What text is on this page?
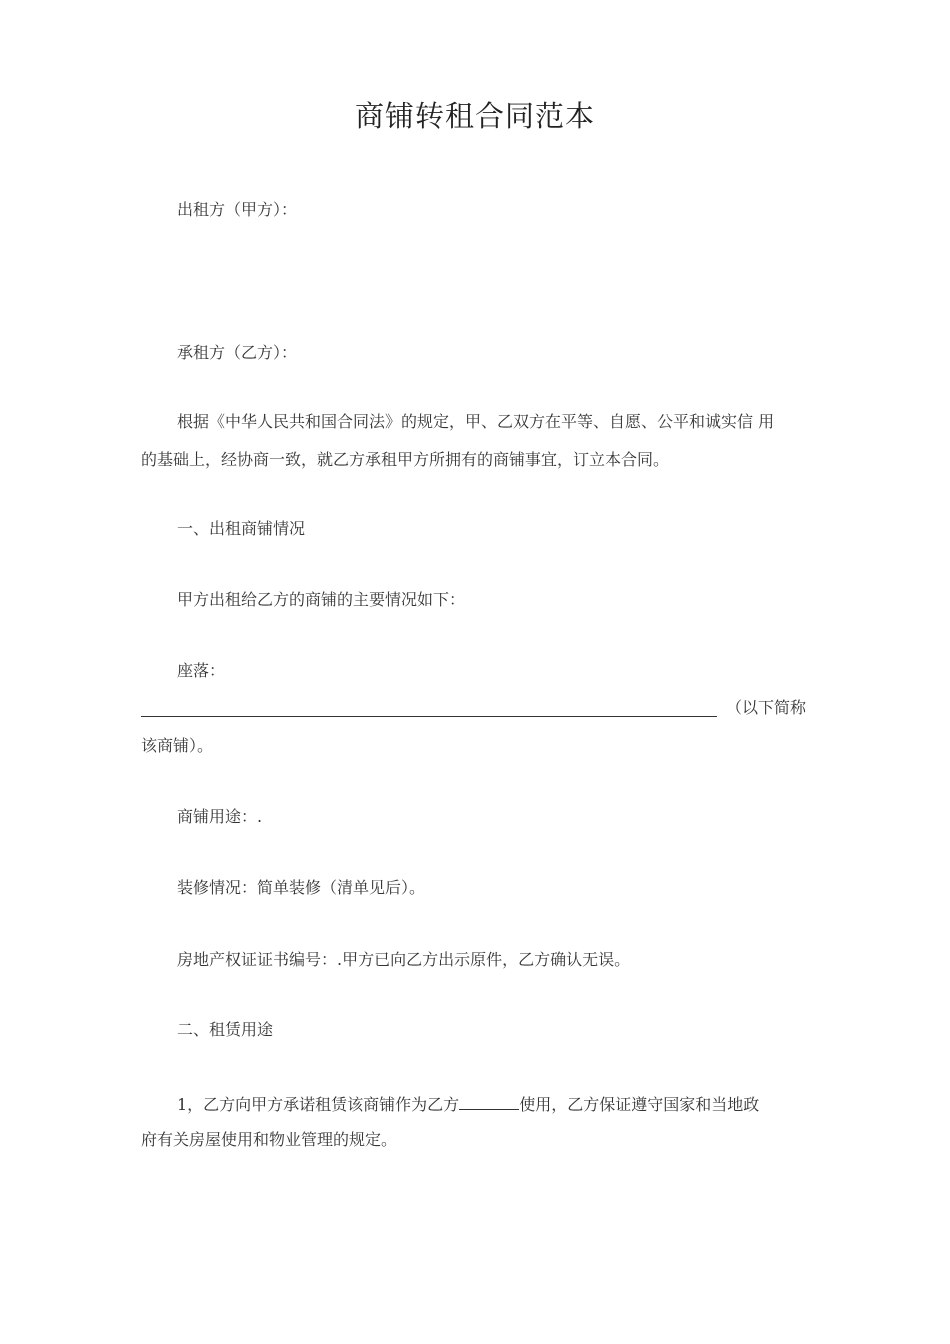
商铺转租合同范本
出租方（甲方）：
承租方（乙方）：
根据《中华人民共和国合同法》的规定，甲、乙双方在平等、自愿、公平和诚实信 用
的基础上，经协商一致，就乙方承租甲方所拥有的商铺事宜，订立本合同。
一、出租商铺情况
甲方出租给乙方的商铺的主要情况如下：
座落：
（以下简称
该商铺）。
商铺用途：.
装修情况：简单装修（清单见后）。
房地产权证证书编号：.甲方已向乙方出示原件，乙方确认无误。
二、租赁用途
1，乙方向甲方承诺租赁该商铺作为乙方	使用，乙方保证遵守国家和当地政
府有关房屋使用和物业管理的规定。
